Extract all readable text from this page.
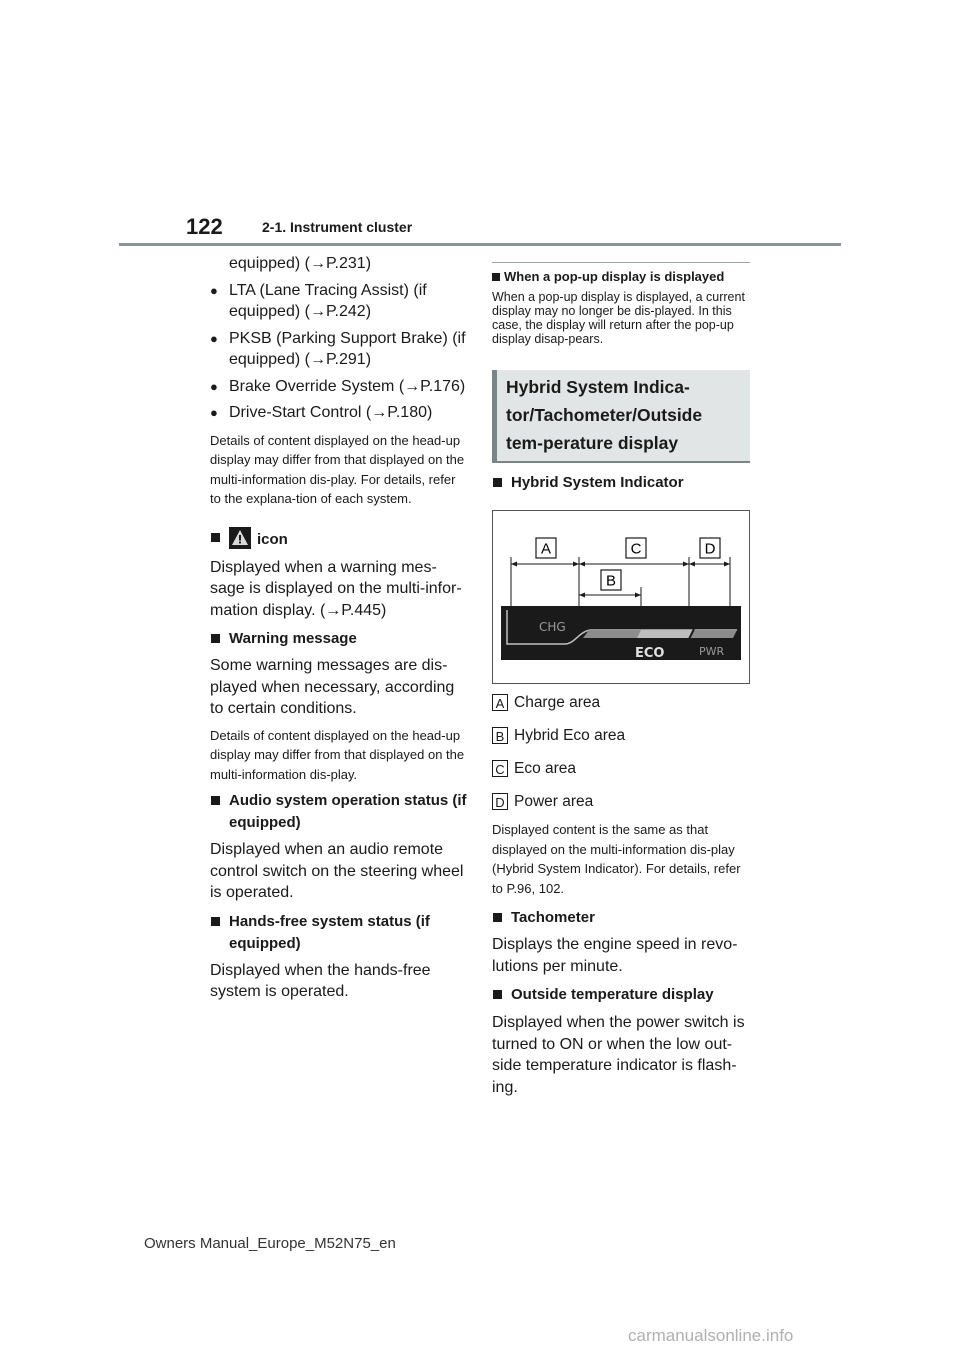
122	2-1. Instrument cluster
equipped) (→P.231)
● LTA (Lane Tracing Assist) (if equipped) (→P.242)
● PKSB (Parking Support Brake) (if equipped) (→P.291)
● Brake Override System (→P.176)
● Drive-Start Control (→P.180)
Details of content displayed on the head-up display may differ from that displayed on the multi-information dis-play. For details, refer to the explana-tion of each system.
icon
Displayed when a warning mes-sage is displayed on the multi-infor-mation display. (→P.445)
Warning message
Some warning messages are dis-played when necessary, according to certain conditions.
Details of content displayed on the head-up display may differ from that displayed on the multi-information dis-play.
Audio system operation status (if equipped)
Displayed when an audio remote control switch on the steering wheel is operated.
Hands-free system status (if equipped)
Displayed when the hands-free system is operated.
When a pop-up display is displayed
When a pop-up display is displayed, a current display may no longer be dis-played. In this case, the display will return after the pop-up display disap-pears.
Hybrid System Indica-tor/Tachometer/Outside tem-perature display
Hybrid System Indicator
A	C	D
B
CHG
ECO	PWR
A Charge area
B Hybrid Eco area
C Eco area
D Power area
Displayed content is the same as that displayed on the multi-information dis-play (Hybrid System Indicator). For details, refer to P.96, 102.
Tachometer
Displays the engine speed in revo-lutions per minute.
Outside temperature display
Displayed when the power switch is turned to ON or when the low out-side temperature indicator is flash-ing.
Owners Manual_Europe_M52N75_en
carmanualsonline.info
